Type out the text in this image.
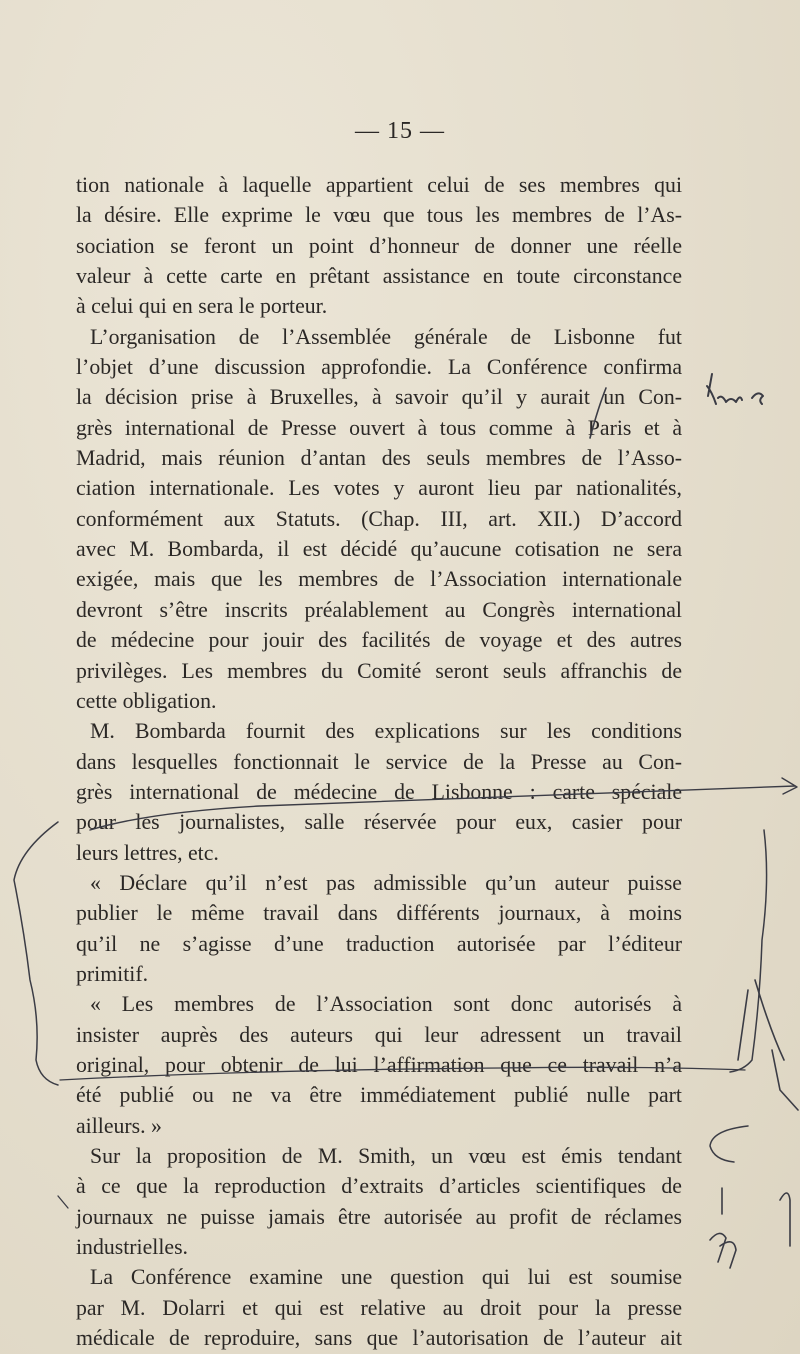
— 15 —
tion nationale à laquelle appartient celui de ses membres qui
la désire. Elle exprime le vœu que tous les membres de l’As-
sociation se feront un point d’honneur de donner une réelle
valeur à cette carte en prêtant assistance en toute circonstance
à celui qui en sera le porteur.
L’organisation de l’Assemblée générale de Lisbonne fut
l’objet d’une discussion approfondie. La Conférence confirma
la décision prise à Bruxelles, à savoir qu’il y aurait un Con-
grès international de Presse ouvert à tous comme à Paris et à
Madrid, mais réunion d’antan des seuls membres de l’Asso-
ciation internationale. Les votes y auront lieu par nationalités,
conformément aux Statuts. (Chap. III, art. XII.) D’accord
avec M. Bombarda, il est décidé qu’aucune cotisation ne sera
exigée, mais que les membres de l’Association internationale
devront s’être inscrits préalablement au Congrès international
de médecine pour jouir des facilités de voyage et des autres
privilèges. Les membres du Comité seront seuls affranchis de
cette obligation.
M. Bombarda fournit des explications sur les conditions
dans lesquelles fonctionnait le service de la Presse au Con-
grès international de médecine de Lisbonne : carte spéciale
pour les journalistes, salle réservée pour eux, casier pour
leurs lettres, etc.
« Déclare qu’il n’est pas admissible qu’un auteur puisse
publier le même travail dans différents journaux, à moins
qu’il ne s’agisse d’une traduction autorisée par l’éditeur
primitif.
« Les membres de l’Association sont donc autorisés à
insister auprès des auteurs qui leur adressent un travail
original, pour obtenir de lui l’affirmation que ce travail n’a
été publié ou ne va être immédiatement publié nulle part
ailleurs. »
Sur la proposition de M. Smith, un vœu est émis tendant
à ce que la reproduction d’extraits d’articles scientifiques de
journaux ne puisse jamais être autorisée au profit de réclames
industrielles.
La Conférence examine une question qui lui est soumise
par M. Dolarri et qui est relative au droit pour la presse
médicale de reproduire, sans que l’autorisation de l’auteur ait
